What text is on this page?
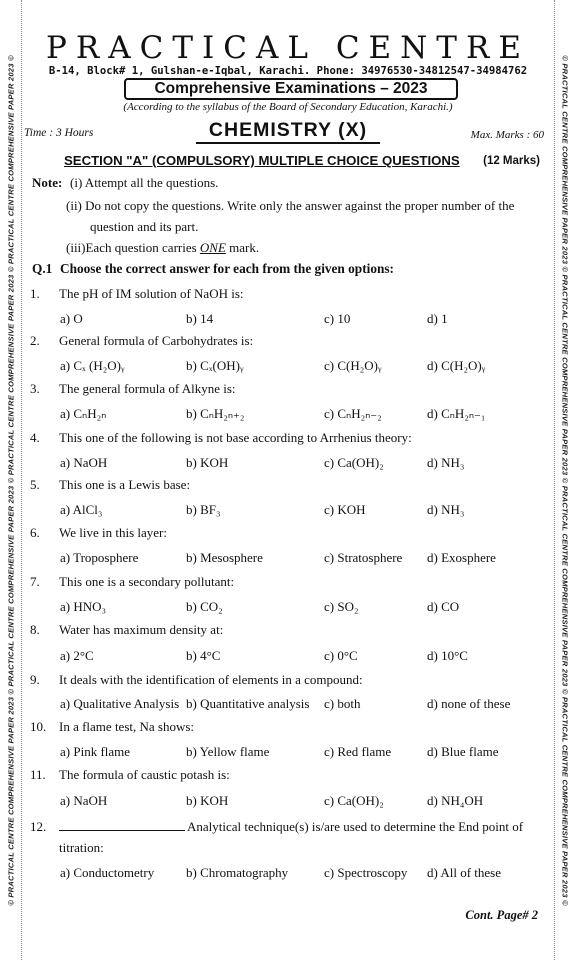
© PRACTICAL CENTRE COMPREHENSIVE PAPER 2023 © PRACTICAL CENTRE COMPREHENSIVE PAPER 2023 © PRACTICAL CENTRE COMPREHENSIVE PAPER 2023 © PRACTICAL CENTRE COMPREHENSIVE PAPER 2023 ©	© PRACTICAL CENTRE COMPREHENSIVE PAPER 2023 © PRACTICAL CENTRE COMPREHENSIVE PAPER 2023 © PRACTICAL CENTRE COMPREHENSIVE PAPER 2023 © PRACTICAL CENTRE COMPREHENSIVE PAPER 2023 ©
PRACTICAL CENTRE
B-14, Block# 1, Gulshan-e-Iqbal, Karachi. Phone: 34976530-34812547-34984762
Comprehensive Examinations – 2023
(According to the syllabus of the Board of Secondary Education, Karachi.)
Time : 3 Hours	CHEMISTRY (X)	Max. Marks : 60
SECTION "A" (COMPULSORY) MULTIPLE CHOICE QUESTIONS (12 Marks)
Note: (i) Attempt all the questions.
(ii) Do not copy the questions. Write only the answer against the proper number of the
question and its part.
(iii)Each question carries ONE mark.
Q.1 Choose the correct answer for each from the given options:
1. The pH of IM solution of NaOH is:
a) O	b) 14	c) 10	d) 1
2. General formula of Carbohydrates is:
a) Cₓ (H₂O)ᵧ	b) Cₓ(OH)ᵧ	c) C(H₂O)ᵧ	d) C(H₂O)ᵧ
3. The general formula of Alkyne is:
a) CₙH₂ₙ	b) CₙH₂ₙ₊₂	c) CₙH₂ₙ₋₂	d) CₙH₂ₙ₋₁
4. This one of the following is not base according to Arrhenius theory:
a) NaOH	b) KOH	c) Ca(OH)₂	d) NH₃
5. This one is a Lewis base:
a) AlCl₃	b) BF₃	c) KOH	d) NH₃
6. We live in this layer:
a) Troposphere	b) Mesosphere	c) Stratosphere d) Exosphere
7. This one is a secondary pollutant:
a) HNO₃	b) CO₂	c) SO₂	d) CO
8. Water has maximum density at:
a) 2°C	b) 4°C	c) 0°C	d) 10°C
9. It deals with the identification of elements in a compound:
a) Qualitative Analysis b) Quantitative analysis c) both	d) none of these
10. In a flame test, Na shows:
a) Pink flame	b) Yellow flame	c) Red flame	d) Blue flame
11. The formula of caustic potash is:
a) NaOH	b) KOH	c) Ca(OH)₂	d) NH₄OH
12.	Analytical technique(s) is/are used to determine the End point of
titration:
a) Conductometry b) Chromatography	c) Spectroscopy d) All of these
Cont. Page# 2
